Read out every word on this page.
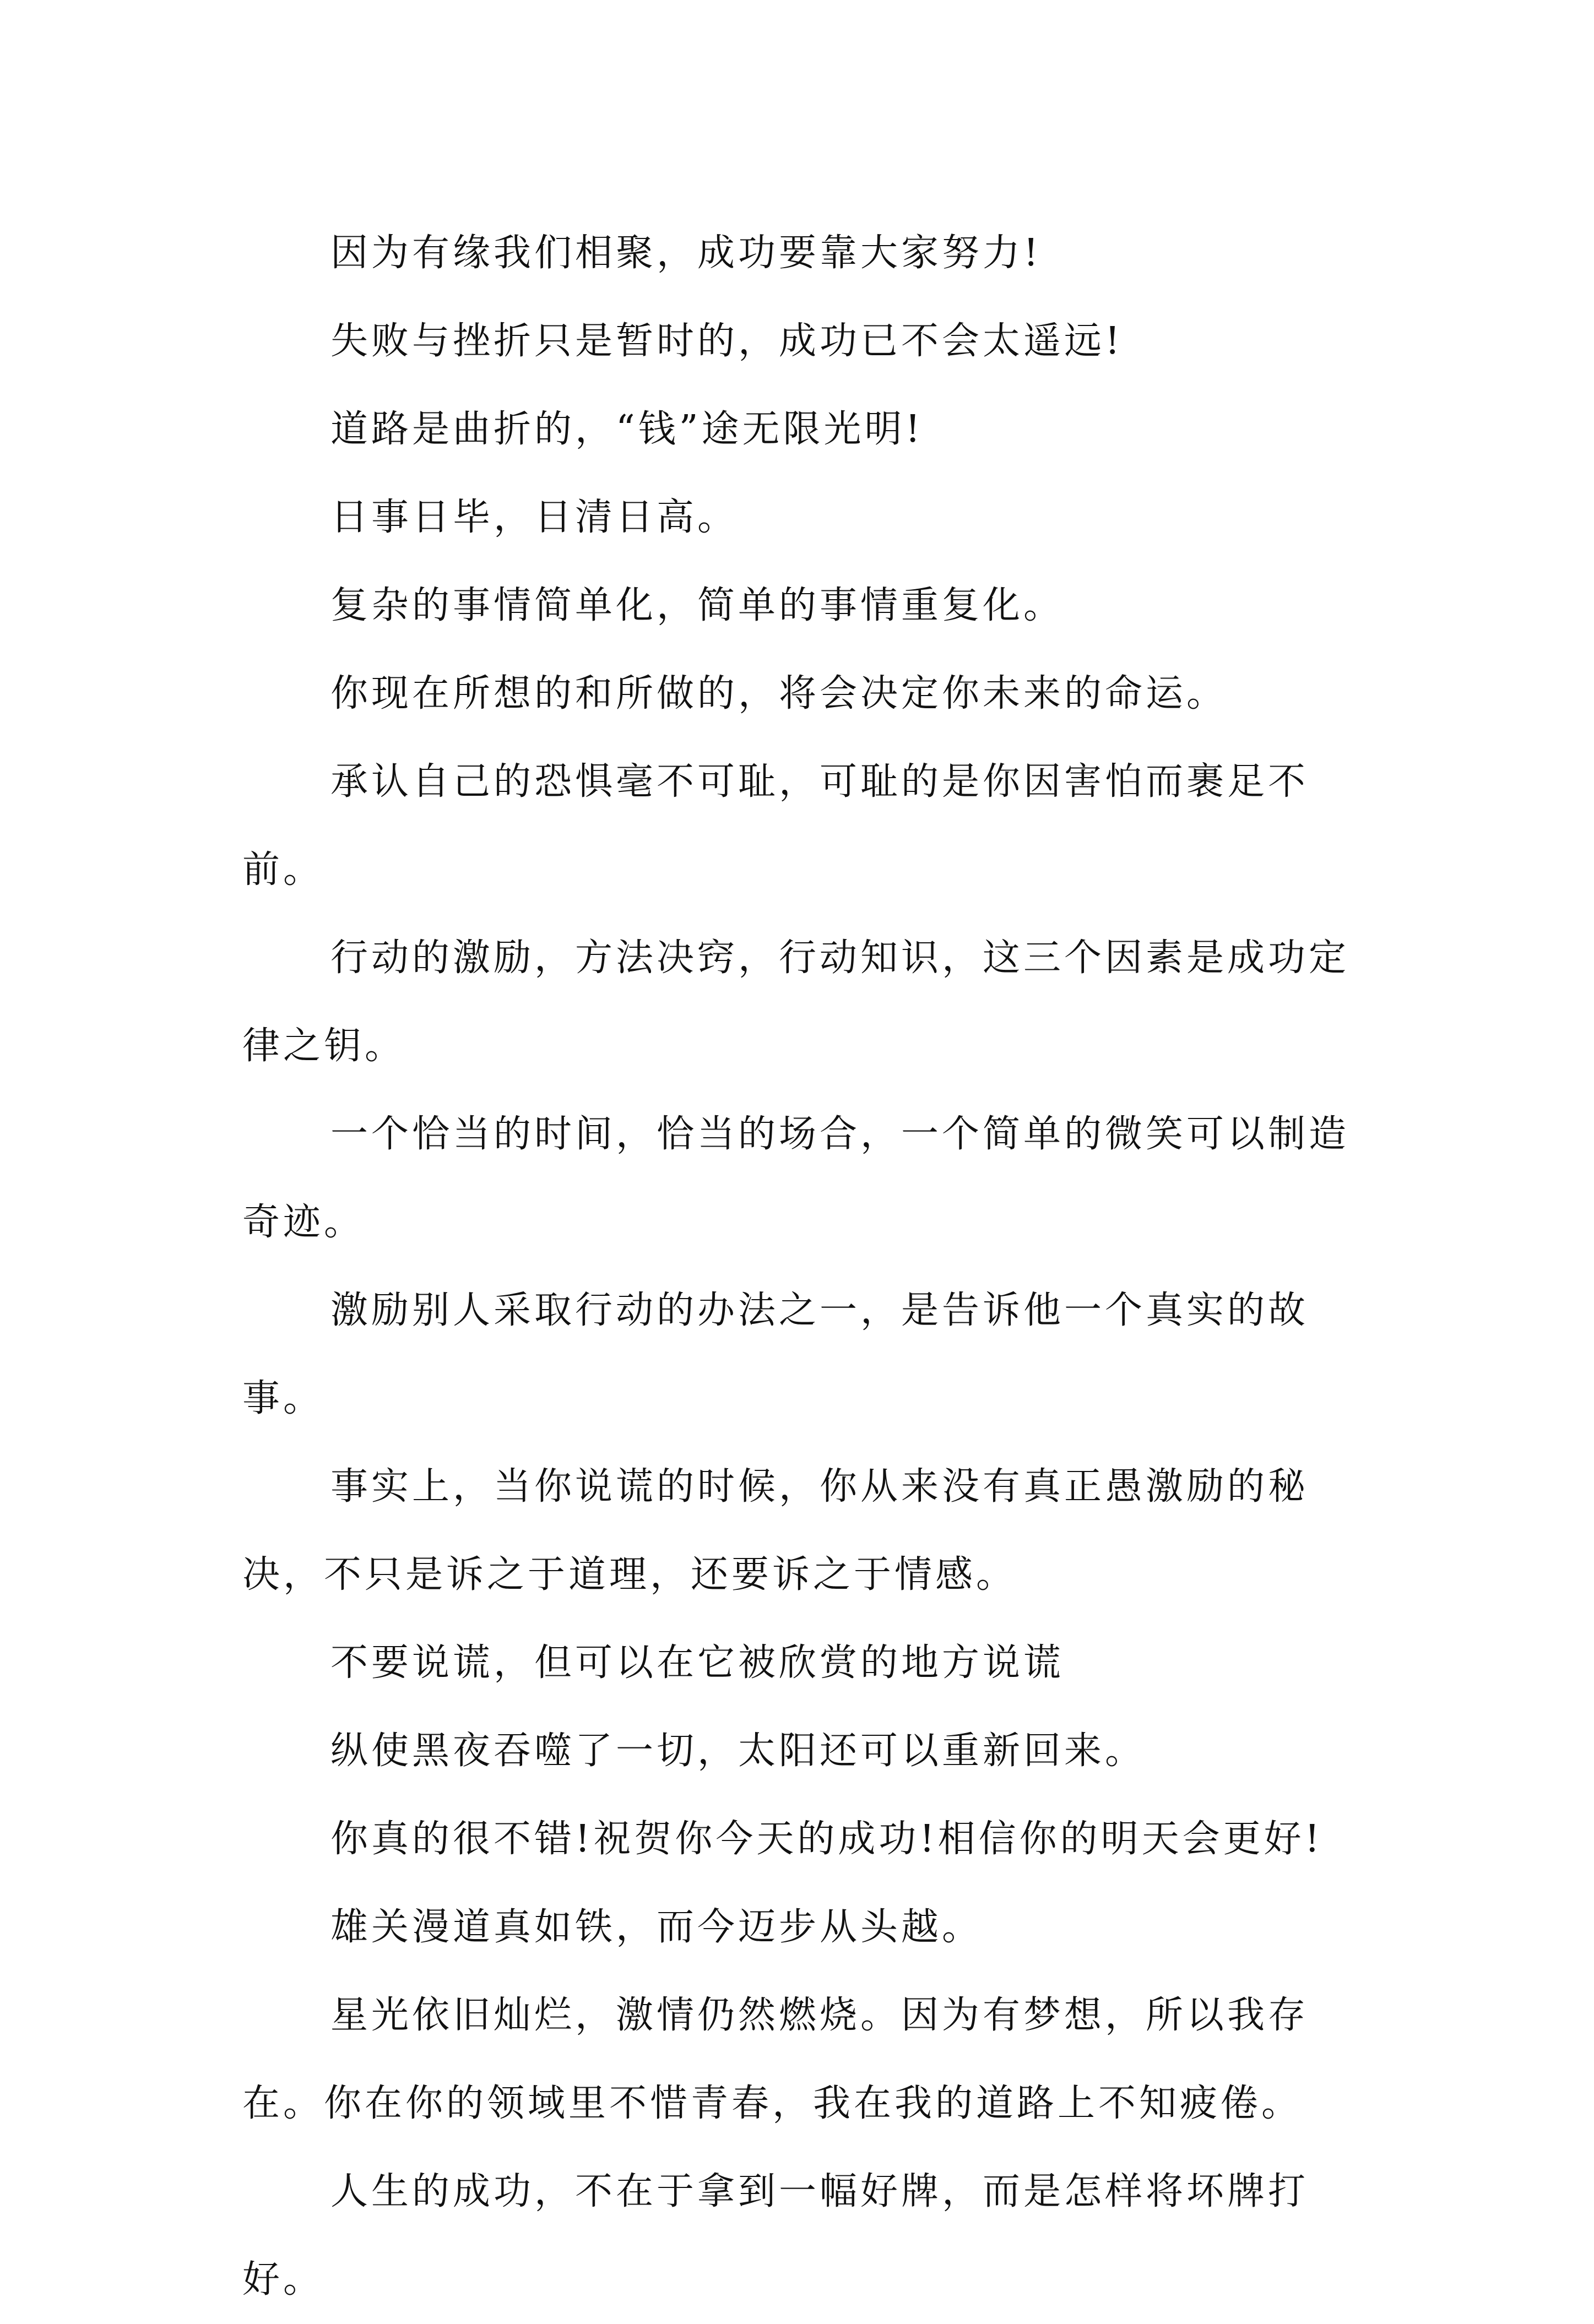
因为有缘我们相聚，成功要靠大家努力!

失败与挫折只是暂时的，成功已不会太遥远!

道路是曲折的，“钱”途无限光明!

日事日毕，日清日高。

复杂的事情简单化，简单的事情重复化。

你现在所想的和所做的，将会决定你未来的命运。

承认自己的恐惧毫不可耻，可耻的是你因害怕而裹足不前。

行动的激励，方法决窍，行动知识，这三个因素是成功定律之钥。

一个恰当的时间，恰当的场合，一个简单的微笑可以制造奇迹。

激励别人采取行动的办法之一，是告诉他一个真实的故事。

事实上，当你说谎的时候，你从来没有真正愚激励的秘决，不只是诉之于道理，还要诉之于情感。

不要说谎，但可以在它被欣赏的地方说谎

纵使黑夜吞噬了一切，太阳还可以重新回来。

你真的很不错!祝贺你今天的成功!相信你的明天会更好!

雄关漫道真如铁，而今迈步从头越。

星光依旧灿烂，激情仍然燃烧。因为有梦想，所以我存在。你在你的领域里不惜青春，我在我的道路上不知疲倦。

人生的成功，不在于拿到一幅好牌，而是怎样将坏牌打好。
